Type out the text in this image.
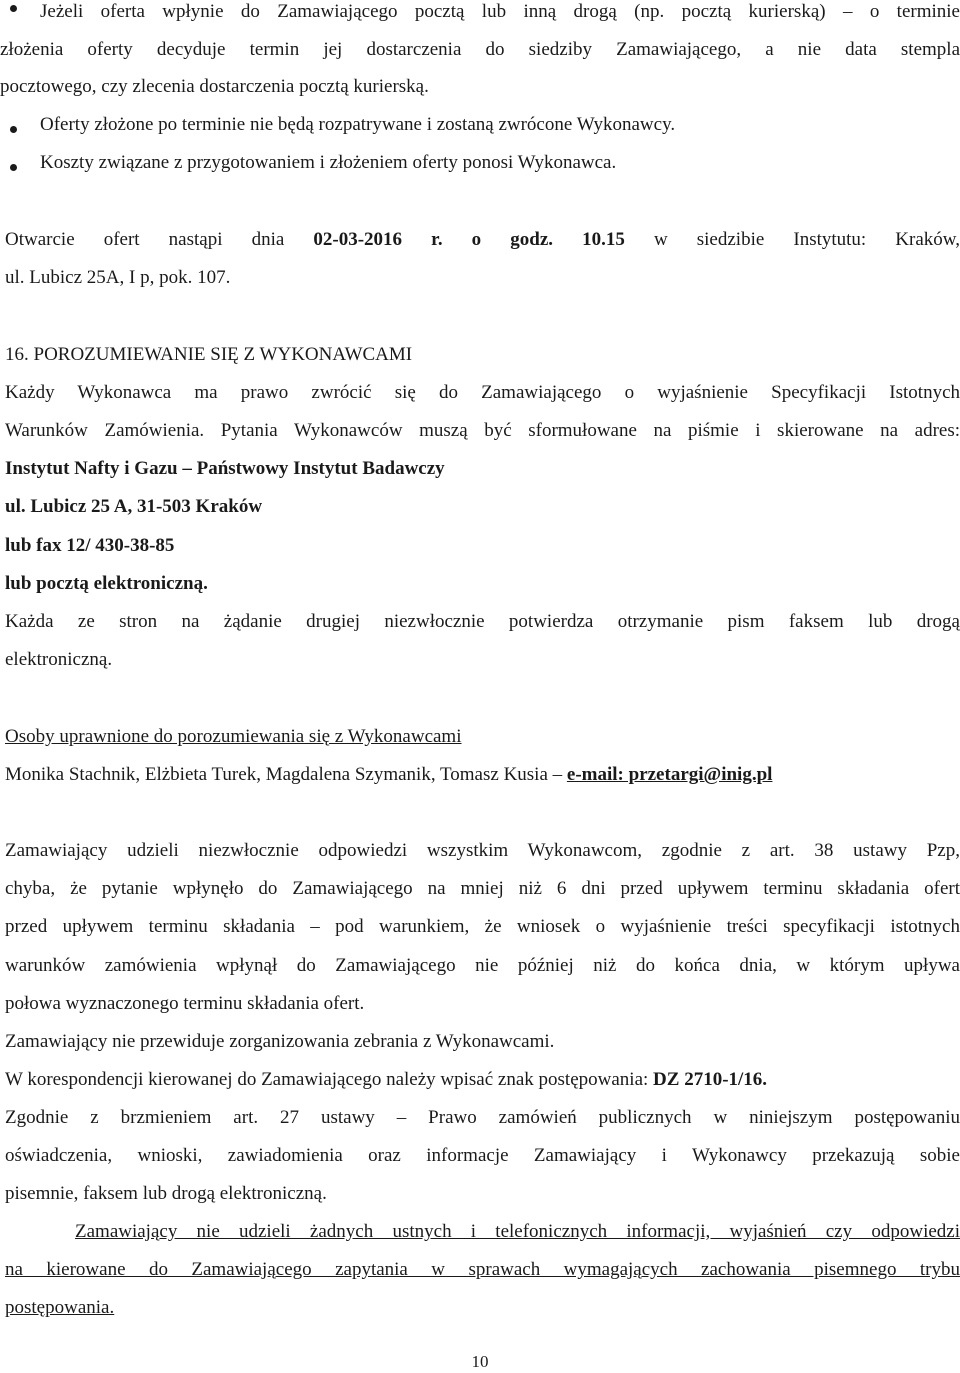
Jeżeli oferta wpłynie do Zamawiającego pocztą lub inną drogą (np. pocztą kurierską) – o terminie
złożenia oferty decyduje termin jej dostarczenia do siedziby Zamawiającego, a nie data stempla
pocztowego, czy zlecenia dostarczenia pocztą kurierską.
Oferty złożone po terminie nie będą rozpatrywane i zostaną zwrócone Wykonawcy.
Koszty związane z przygotowaniem i złożeniem oferty ponosi Wykonawca.
Otwarcie ofert nastąpi dnia 02-03-2016 r. o godz. 10.15 w siedzibie Instytutu: Kraków,
ul. Lubicz 25A, I p, pok. 107.
16. POROZUMIEWANIE SIĘ Z WYKONAWCAMI
Każdy Wykonawca ma prawo zwrócić się do Zamawiającego o wyjaśnienie Specyfikacji Istotnych
Warunków Zamówienia. Pytania Wykonawców muszą być sformułowane na piśmie i skierowane na adres:
Instytut Nafty i Gazu – Państwowy Instytut Badawczy
ul. Lubicz 25 A, 31-503 Kraków
lub fax 12/ 430-38-85
lub pocztą elektroniczną.
Każda ze stron na żądanie drugiej niezwłocznie potwierdza otrzymanie pism faksem lub drogą
elektroniczną.
Osoby uprawnione do porozumiewania się z Wykonawcami
Monika Stachnik, Elżbieta Turek, Magdalena Szymanik, Tomasz Kusia – e-mail: przetargi@inig.pl
Zamawiający udzieli niezwłocznie odpowiedzi wszystkim Wykonawcom, zgodnie z art. 38 ustawy Pzp,
chyba, że pytanie wpłynęło do Zamawiającego na mniej niż 6 dni przed upływem terminu składania ofert
przed upływem terminu składania – pod warunkiem, że wniosek o wyjaśnienie treści specyfikacji istotnych
warunków zamówienia wpłynął do Zamawiającego nie później niż do końca dnia, w którym upływa
połowa wyznaczonego terminu składania ofert.
Zamawiający nie przewiduje zorganizowania zebrania z Wykonawcami.
W korespondencji kierowanej do Zamawiającego należy wpisać znak postępowania: DZ 2710-1/16.
Zgodnie z brzmieniem art. 27 ustawy – Prawo zamówień publicznych w niniejszym postępowaniu
oświadczenia, wnioski, zawiadomienia oraz informacje Zamawiający i Wykonawcy przekazują sobie
pisemnie, faksem lub drogą elektroniczną.
Zamawiający nie udzieli żadnych ustnych i telefonicznych informacji, wyjaśnień czy odpowiedzi
na kierowane do Zamawiającego zapytania w sprawach wymagających zachowania pisemnego trybu
postępowania.
10
